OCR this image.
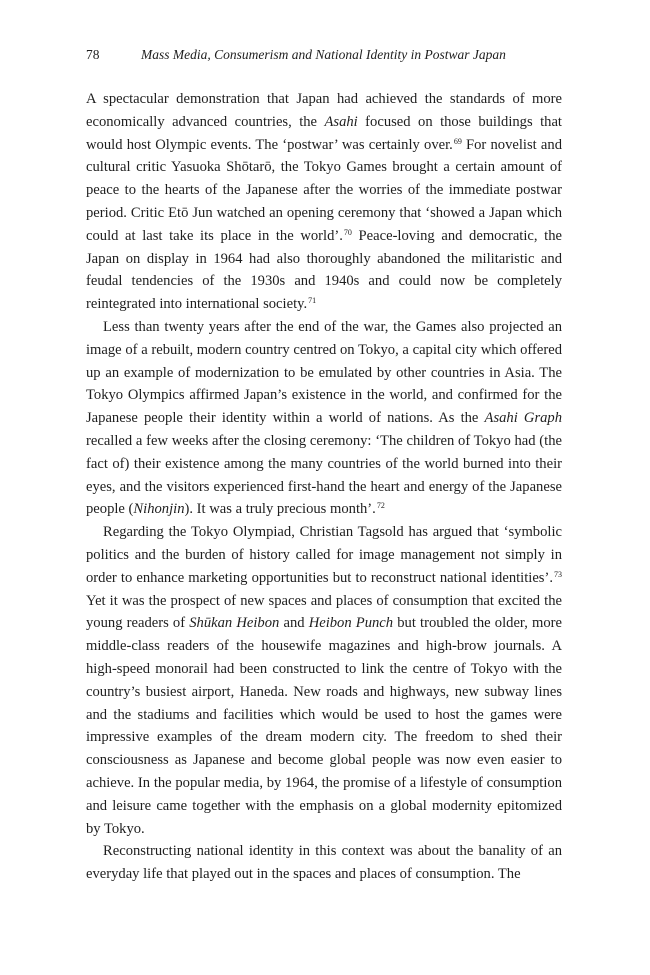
78	Mass Media, Consumerism and National Identity in Postwar Japan

A spectacular demonstration that Japan had achieved the standards of more economically advanced countries, the Asahi focused on those buildings that would host Olympic events. The ‘postwar’ was certainly over.$^{69}$ For novelist and cultural critic Yasuoka Shōtarō, the Tokyo Games brought a certain amount of peace to the hearts of the Japanese after the worries of the immediate postwar period. Critic Etō Jun watched an opening ceremony that ‘showed a Japan which could at last take its place in the world’.$^{70}$ Peace-loving and democratic, the Japan on display in 1964 had also thoroughly abandoned the militaristic and feudal tendencies of the 1930s and 1940s and could now be completely reintegrated into international society.$^{71}$

Less than twenty years after the end of the war, the Games also projected an image of a rebuilt, modern country centred on Tokyo, a capital city which offered up an example of modernization to be emulated by other countries in Asia. The Tokyo Olympics affirmed Japan’s existence in the world, and confirmed for the Japanese people their identity within a world of nations. As the Asahi Graph recalled a few weeks after the closing ceremony: ‘The children of Tokyo had (the fact of) their existence among the many countries of the world burned into their eyes, and the visitors experienced first-hand the heart and energy of the Japanese people (Nihonjin). It was a truly precious month’.$^{72}$

Regarding the Tokyo Olympiad, Christian Tagsold has argued that ‘symbolic politics and the burden of history called for image management not simply in order to enhance marketing opportunities but to reconstruct national identities’.$^{73}$ Yet it was the prospect of new spaces and places of consumption that excited the young readers of Shūkan Heibon and Heibon Punch but troubled the older, more middle-class readers of the housewife magazines and high-brow journals. A high-speed monorail had been constructed to link the centre of Tokyo with the country’s busiest airport, Haneda. New roads and highways, new subway lines and the stadiums and facilities which would be used to host the games were impressive examples of the dream modern city. The freedom to shed their consciousness as Japanese and become global people was now even easier to achieve. In the popular media, by 1964, the promise of a lifestyle of consumption and leisure came together with the emphasis on a global modernity epitomized by Tokyo.

Reconstructing national identity in this context was about the banality of an everyday life that played out in the spaces and places of consumption. The
